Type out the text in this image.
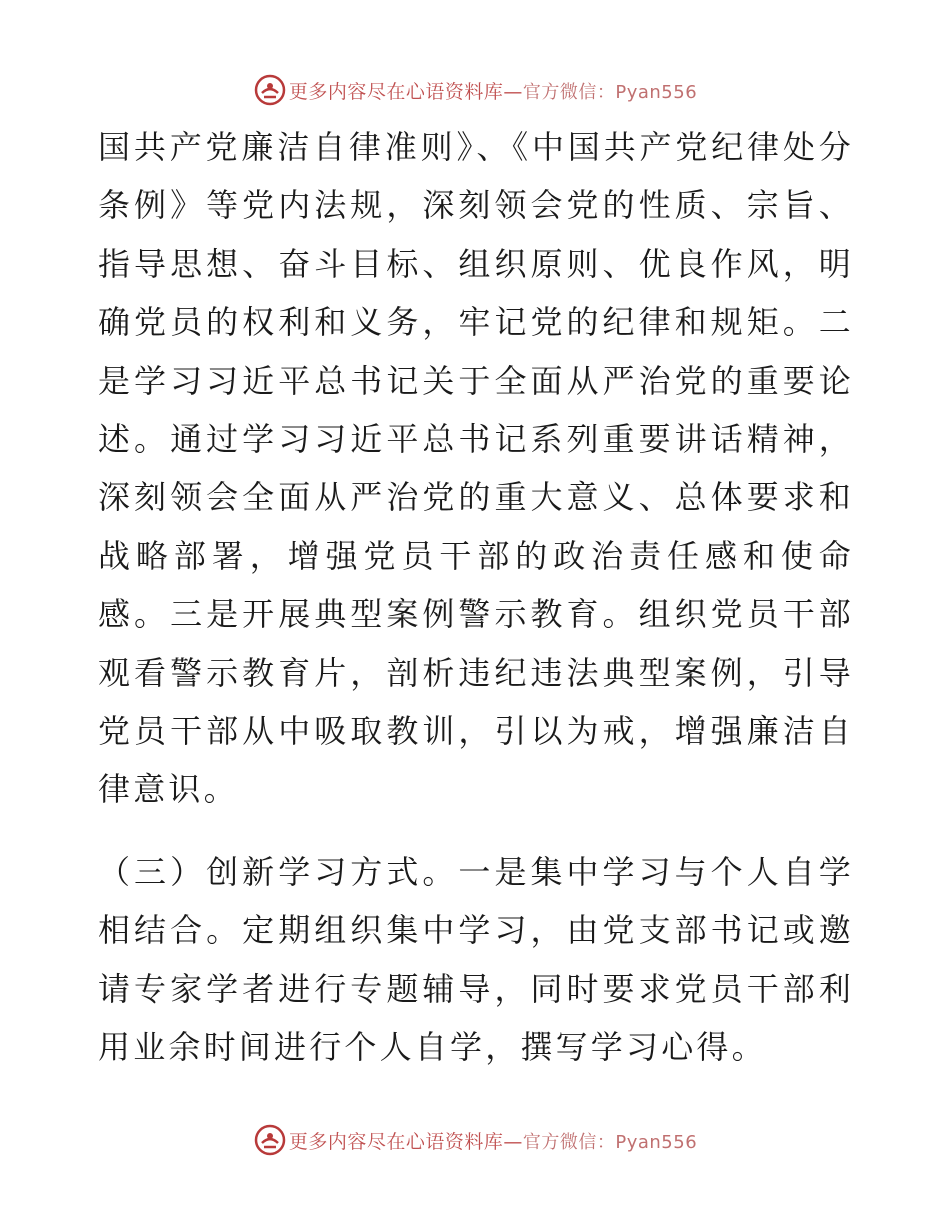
更多内容尽在心语资料库—官方微信：Pyan556

国共产党廉洁自律准则》、《中国共产党纪律处分条例》等党内法规，深刻领会党的性质、宗旨、指导思想、奋斗目标、组织原则、优良作风，明确党员的权利和义务，牢记党的纪律和规矩。二是学习习近平总书记关于全面从严治党的重要论述。通过学习习近平总书记系列重要讲话精神，深刻领会全面从严治党的重大意义、总体要求和战略部署，增强党员干部的政治责任感和使命感。三是开展典型案例警示教育。组织党员干部观看警示教育片，剖析违纪违法典型案例，引导党员干部从中吸取教训，引以为戒，增强廉洁自律意识。

（三）创新学习方式。一是集中学习与个人自学相结合。定期组织集中学习，由党支部书记或邀请专家学者进行专题辅导，同时要求党员干部利用业余时间进行个人自学，撰写学习心得。

更多内容尽在心语资料库—官方微信：Pyan556
